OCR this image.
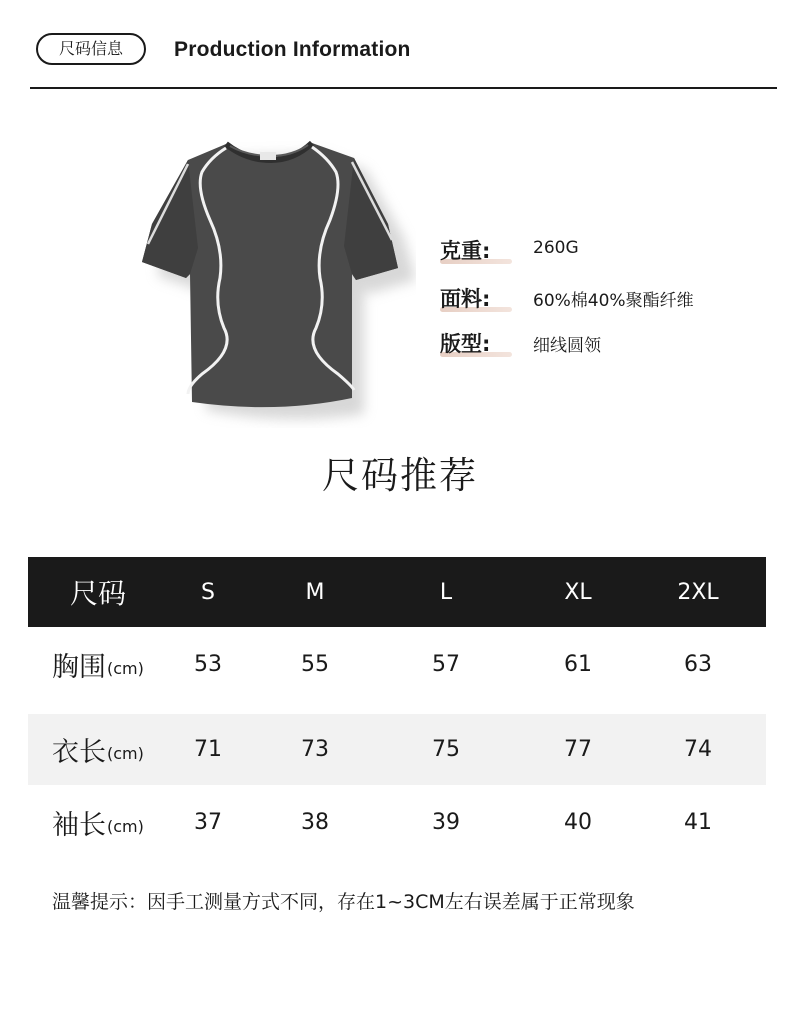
尺码信息	Production Information
克重:	260G
面料:	60%棉40%聚酯纤维
版型:	细线圆领
尺码推荐
尺码	S	M	L	XL	2XL
胸围 (cm)	53	55	57	61	63
衣长 (cm)	71	73	75	77	74
袖长 (cm)	37	38	39	40	41
温馨提示：因手工测量方式不同，存在1~3CM左右误差属于正常现象
